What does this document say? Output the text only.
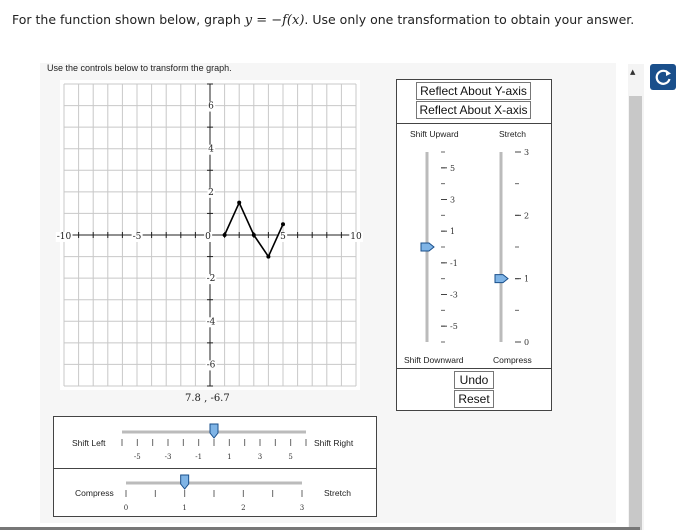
For the function shown below, graph y = −f(x). Use only one transformation to obtain your answer.
Use the controls below to transform the graph.
-10	-5	0	5	10
6
4
2
-2
-4
-6
7.8 , -6.7
Reflect About Y-axis
Reflect About X-axis
Shift Upward	Stretch
5
3
1
-1
-3
-5
3
2
1
0
Shift Downward	Compress
Undo
Reset
Shift Left	Shift Right
-5	-3	-1	1	3	5
Compress	Stretch
0	1	2	3
▲
